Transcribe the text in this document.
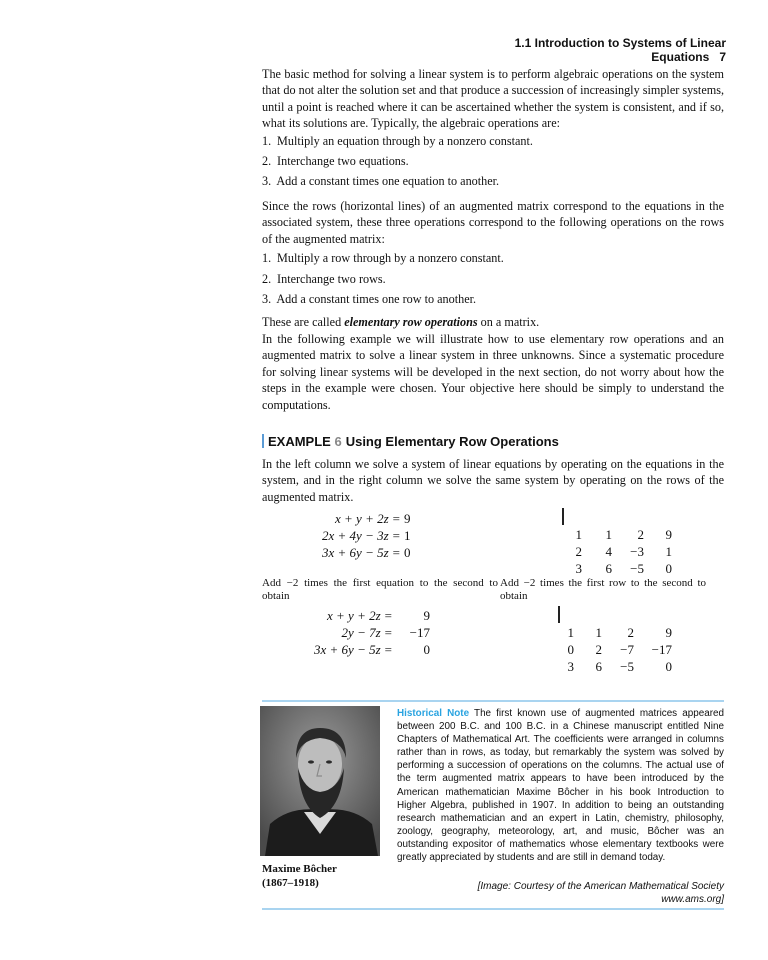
1.1 Introduction to Systems of Linear Equations 7
The basic method for solving a linear system is to perform algebraic operations on the system that do not alter the solution set and that produce a succession of increasingly simpler systems, until a point is reached where it can be ascertained whether the system is consistent, and if so, what its solutions are. Typically, the algebraic operations are:
1. Multiply an equation through by a nonzero constant.
2. Interchange two equations.
3. Add a constant times one equation to another.
Since the rows (horizontal lines) of an augmented matrix correspond to the equations in the associated system, these three operations correspond to the following operations on the rows of the augmented matrix:
1. Multiply a row through by a nonzero constant.
2. Interchange two rows.
3. Add a constant times one row to another.
These are called elementary row operations on a matrix.
In the following example we will illustrate how to use elementary row operations and an augmented matrix to solve a linear system in three unknowns. Since a systematic procedure for solving linear systems will be developed in the next section, do not worry about how the steps in the example were chosen. Your objective here should be simply to understand the computations.
EXAMPLE 6 Using Elementary Row Operations
In the left column we solve a system of linear equations by operating on the equations in the system, and in the right column we solve the same system by operating on the rows of the augmented matrix.
x + y + 2z	=	9
2x + 4y − 3z	=	1
3x + 6y − 5z	=	0
1	1	2	9
2	4	−3	1
3	6	−5	0
Add −2 times the first equation to the second to obtain
Add −2 times the first row to the second to obtain
x + y + 2z	=	9
2y − 7z	=	−17
3x + 6y − 5z	=	0
1	1	2	9
0	2	−7	−17
3	6	−5	0
Maxime Bôcher
(1867–1918)
Historical Note The first known use of augmented matrices appeared between 200 B.C. and 100 B.C. in a Chinese manuscript entitled Nine Chapters of Mathematical Art. The coefficients were arranged in columns rather than in rows, as today, but remarkably the system was solved by performing a succession of operations on the columns. The actual use of the term augmented matrix appears to have been introduced by the American mathematician Maxime Bôcher in his book Introduction to Higher Algebra, published in 1907. In addition to being an outstanding research mathematician and an expert in Latin, chemistry, philosophy, zoology, geography, meteorology, art, and music, Bôcher was an outstanding expositor of mathematics whose elementary textbooks were greatly appreciated by students and are still in demand today.
[Image: Courtesy of the American Mathematical Society
www.ams.org]
